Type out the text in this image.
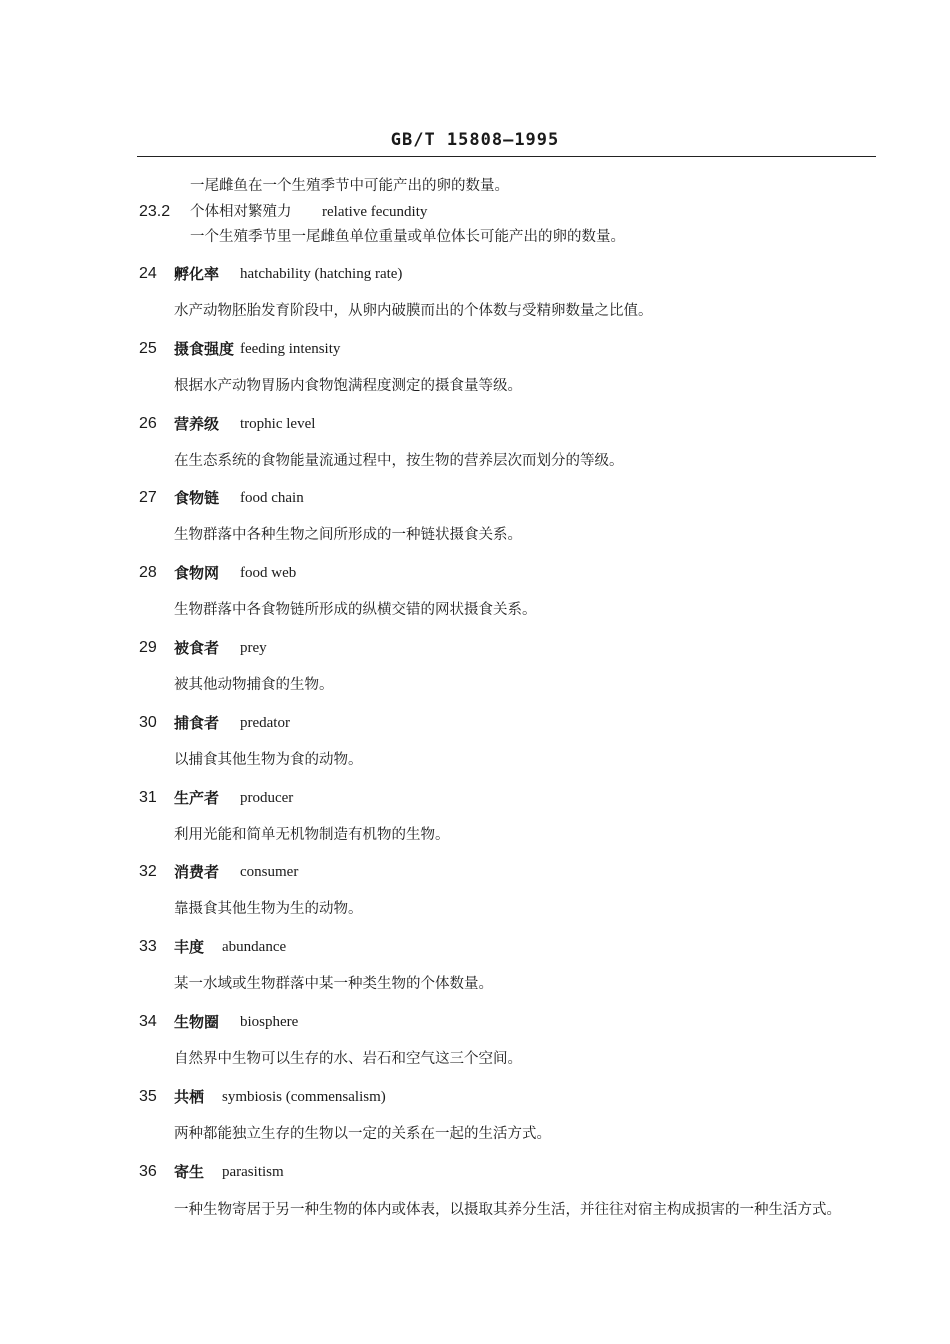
GB/T 15808—1995
一尾雌鱼在一个生殖季节中可能产出的卵的数量。
23.2 个体相对繁殖力 relative fecundity
一个生殖季节里一尾雌鱼单位重量或单位体长可能产出的卵的数量。
24 孵化率 hatchability (hatching rate)
水产动物胚胎发育阶段中，从卵内破膜而出的个体数与受精卵数量之比值。
25 摄食强度 feeding intensity
根据水产动物胃肠内食物饱满程度测定的摄食量等级。
26 营养级 trophic level
在生态系统的食物能量流通过程中，按生物的营养层次而划分的等级。
27 食物链 food chain
生物群落中各种生物之间所形成的一种链状摄食关系。
28 食物网 food web
生物群落中各食物链所形成的纵横交错的网状摄食关系。
29 被食者 prey
被其他动物捕食的生物。
30 捕食者 predator
以捕食其他生物为食的动物。
31 生产者 producer
利用光能和简单无机物制造有机物的生物。
32 消费者 consumer
靠摄食其他生物为生的动物。
33 丰度 abundance
某一水域或生物群落中某一种类生物的个体数量。
34 生物圈 biosphere
自然界中生物可以生存的水、岩石和空气这三个空间。
35 共栖 symbiosis (commensalism)
两种都能独立生存的生物以一定的关系在一起的生活方式。
36 寄生 parasitism
一种生物寄居于另一种生物的体内或体表，以摄取其养分生活，并往往对宿主构成损害的一种生活方式。
